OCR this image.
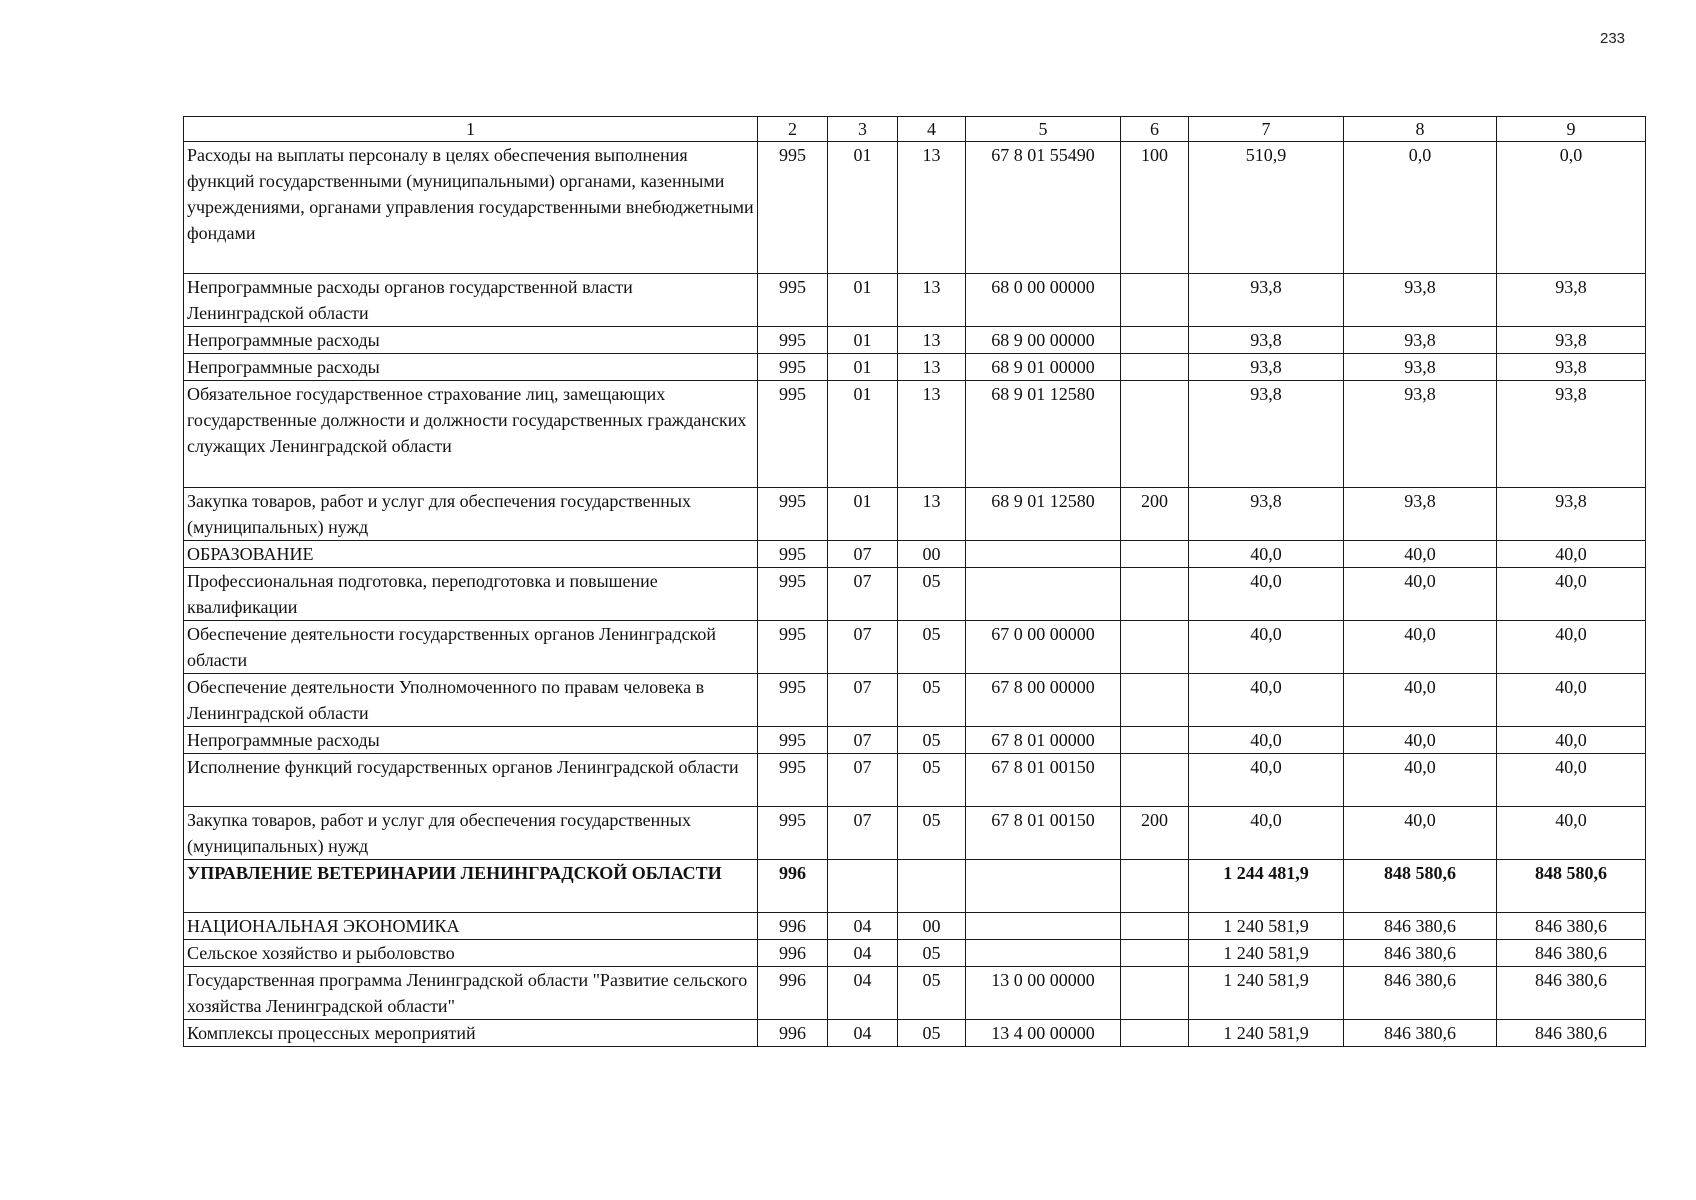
233
1	2	3	4	5	6	7	8	9
Расходы на выплаты персоналу в целях обеспечения выполнения функций государственными (муниципальными) органами, казенными учреждениями, органами управления государственными внебюджетными фондами	995	01	13	67 8 01 55490	100	510,9	0,0	0,0
Непрограммные расходы органов государственной власти Ленинградской области	995	01	13	68 0 00 00000		93,8	93,8	93,8
Непрограммные расходы	995	01	13	68 9 00 00000		93,8	93,8	93,8
Непрограммные расходы	995	01	13	68 9 01 00000		93,8	93,8	93,8
Обязательное государственное страхование лиц, замещающих государственные должности и должности государственных гражданских служащих Ленинградской области	995	01	13	68 9 01 12580		93,8	93,8	93,8
Закупка товаров, работ и услуг для обеспечения государственных (муниципальных) нужд	995	01	13	68 9 01 12580	200	93,8	93,8	93,8
ОБРАЗОВАНИЕ	995	07	00			40,0	40,0	40,0
Профессиональная подготовка, переподготовка и повышение квалификации	995	07	05			40,0	40,0	40,0
Обеспечение деятельности государственных органов Ленинградской области	995	07	05	67 0 00 00000		40,0	40,0	40,0
Обеспечение деятельности Уполномоченного по правам человека в Ленинградской области	995	07	05	67 8 00 00000		40,0	40,0	40,0
Непрограммные расходы	995	07	05	67 8 01 00000		40,0	40,0	40,0
Исполнение функций государственных органов Ленинградской области	995	07	05	67 8 01 00150		40,0	40,0	40,0
Закупка товаров, работ и услуг для обеспечения государственных (муниципальных) нужд	995	07	05	67 8 01 00150	200	40,0	40,0	40,0
УПРАВЛЕНИЕ ВЕТЕРИНАРИИ ЛЕНИНГРАДСКОЙ ОБЛАСТИ	996					1 244 481,9	848 580,6	848 580,6
НАЦИОНАЛЬНАЯ ЭКОНОМИКА	996	04	00			1 240 581,9	846 380,6	846 380,6
Сельское хозяйство и рыболовство	996	04	05			1 240 581,9	846 380,6	846 380,6
Государственная программа Ленинградской области "Развитие сельского хозяйства Ленинградской области"	996	04	05	13 0 00 00000		1 240 581,9	846 380,6	846 380,6
Комплексы процессных мероприятий	996	04	05	13 4 00 00000		1 240 581,9	846 380,6	846 380,6
